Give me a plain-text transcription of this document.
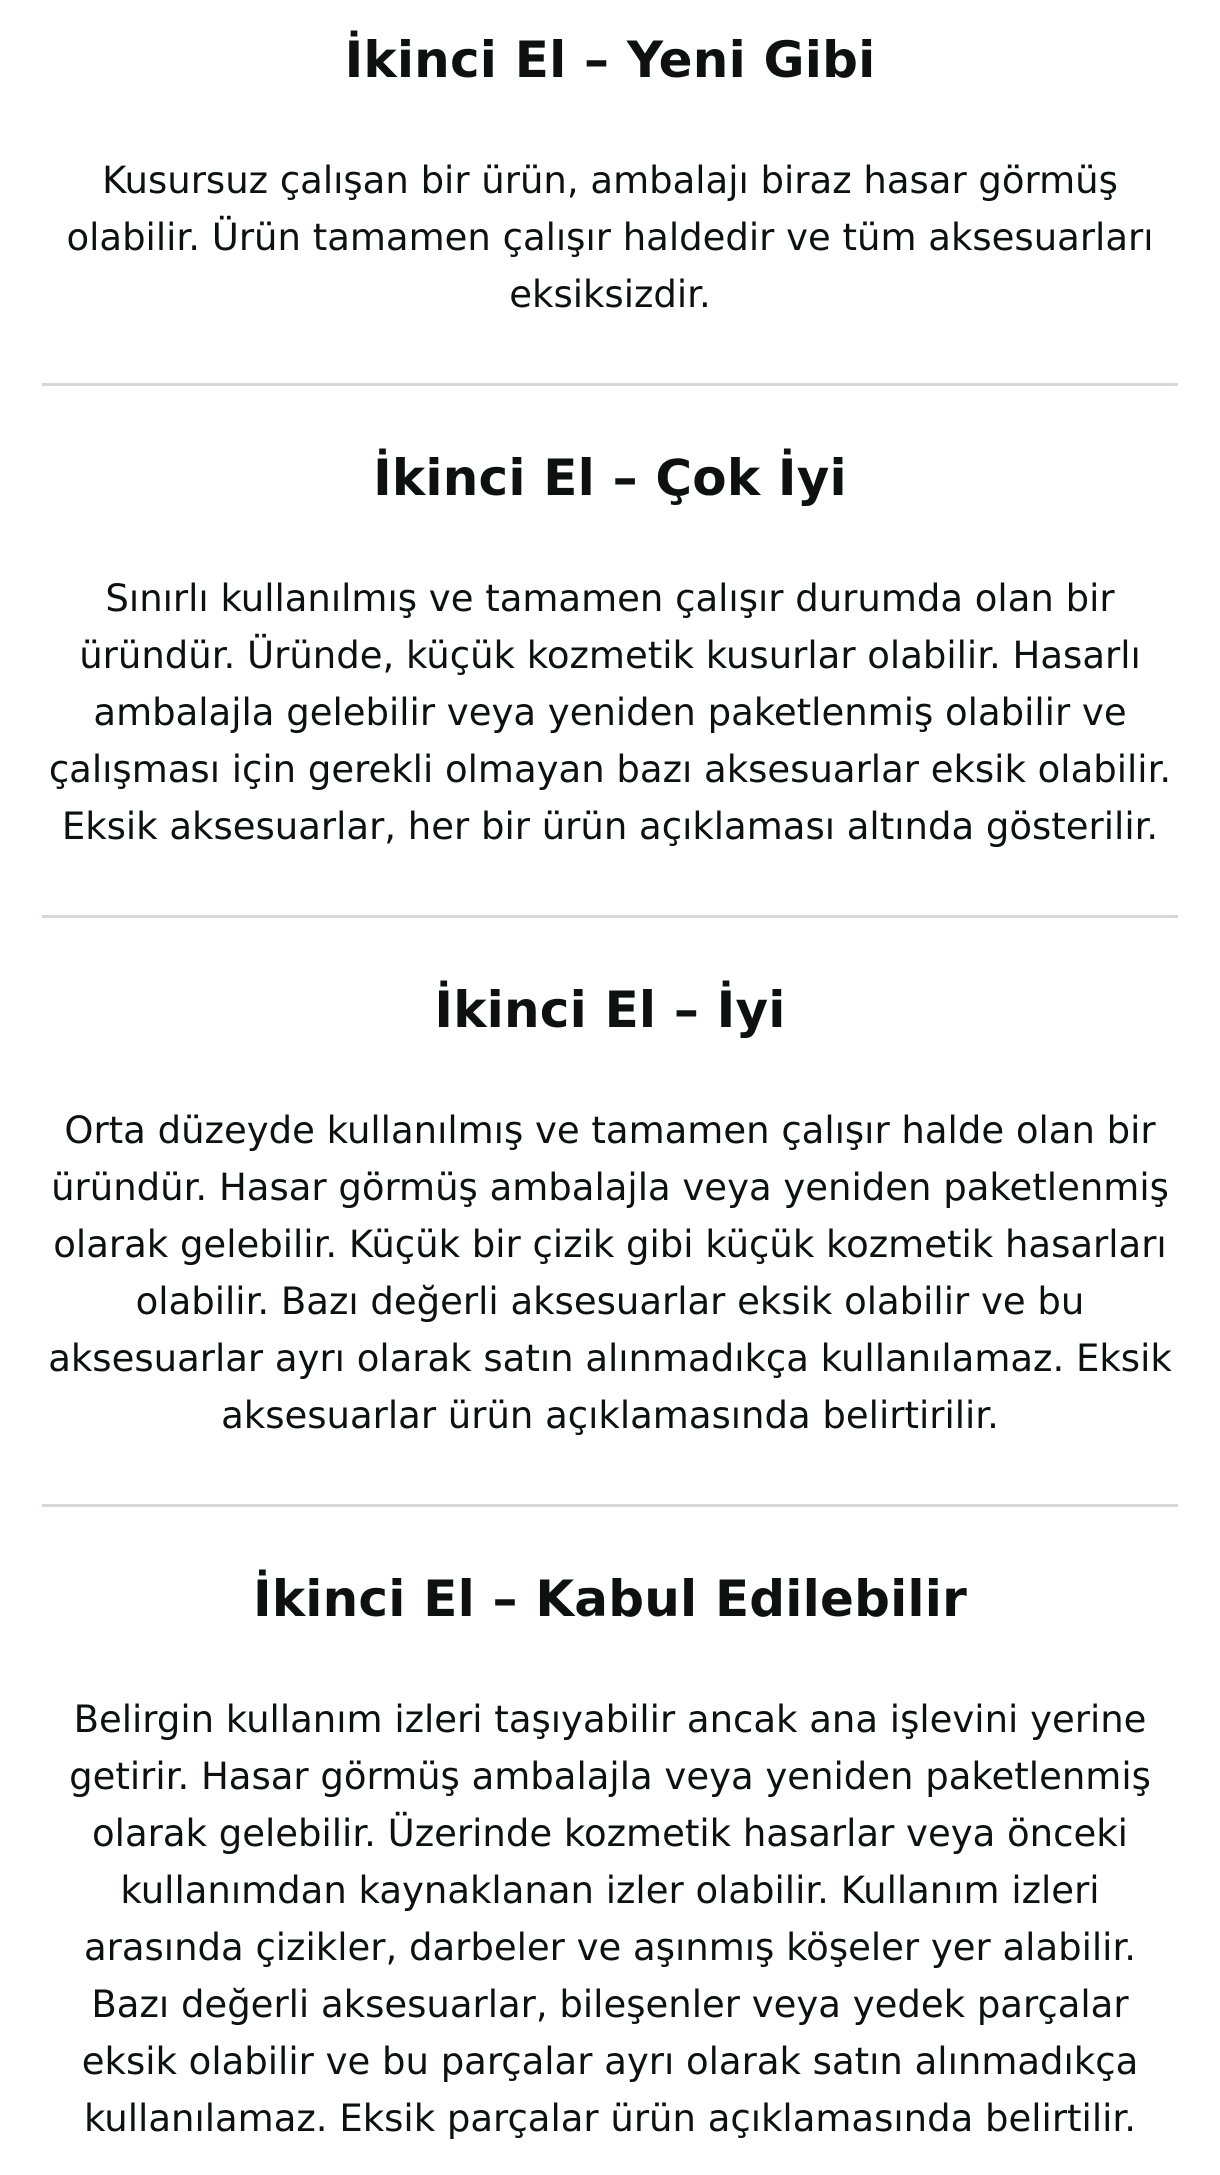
İkinci El – Yeni Gibi

Kusursuz çalışan bir ürün, ambalajı biraz hasar görmüş olabilir. Ürün tamamen çalışır haldedir ve tüm aksesuarları eksiksizdir.

İkinci El – Çok İyi

Sınırlı kullanılmış ve tamamen çalışır durumda olan bir üründür. Üründe, küçük kozmetik kusurlar olabilir. Hasarlı ambalajla gelebilir veya yeniden paketlenmiş olabilir ve çalışması için gerekli olmayan bazı aksesuarlar eksik olabilir. Eksik aksesuarlar, her bir ürün açıklaması altında gösterilir.

İkinci El – İyi

Orta düzeyde kullanılmış ve tamamen çalışır halde olan bir üründür. Hasar görmüş ambalajla veya yeniden paketlenmiş olarak gelebilir. Küçük bir çizik gibi küçük kozmetik hasarları olabilir. Bazı değerli aksesuarlar eksik olabilir ve bu aksesuarlar ayrı olarak satın alınmadıkça kullanılamaz. Eksik aksesuarlar ürün açıklamasında belirtirilir.

İkinci El – Kabul Edilebilir

Belirgin kullanım izleri taşıyabilir ancak ana işlevini yerine getirir. Hasar görmüş ambalajla veya yeniden paketlenmiş olarak gelebilir. Üzerinde kozmetik hasarlar veya önceki kullanımdan kaynaklanan izler olabilir. Kullanım izleri arasında çizikler, darbeler ve aşınmış köşeler yer alabilir. Bazı değerli aksesuarlar, bileşenler veya yedek parçalar eksik olabilir ve bu parçalar ayrı olarak satın alınmadıkça kullanılamaz. Eksik parçalar ürün açıklamasında belirtilir.
